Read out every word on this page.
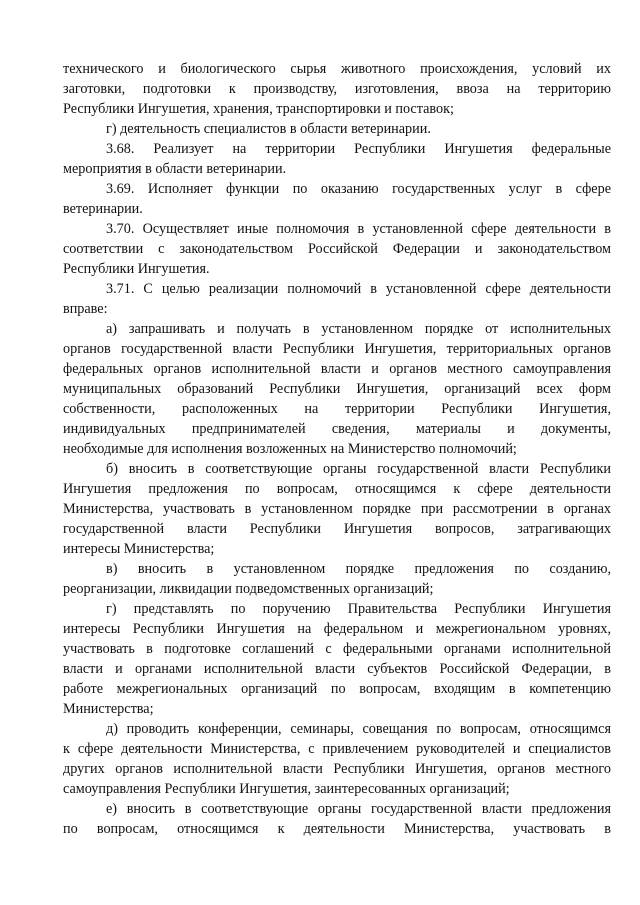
технического и биологического сырья животного происхождения, условий их
заготовки, подготовки к производству, изготовления, ввоза на территорию
Республики Ингушетия, хранения, транспортировки и поставок;
г) деятельность специалистов в области ветеринарии.
3.68. Реализует на территории Республики Ингушетия федеральные
мероприятия в области ветеринарии.
3.69. Исполняет функции по оказанию государственных услуг в сфере
ветеринарии.
3.70. Осуществляет иные полномочия в установленной сфере деятельности в
соответствии с законодательством Российской Федерации и законодательством
Республики Ингушетия.
3.71. С целью реализации полномочий в установленной сфере деятельности
вправе:
а) запрашивать и получать в установленном порядке от исполнительных
органов государственной власти Республики Ингушетия, территориальных органов
федеральных органов исполнительной власти и органов местного самоуправления
муниципальных образований Республики Ингушетия, организаций всех форм
собственности, расположенных на территории Республики Ингушетия,
индивидуальных предпринимателей сведения, материалы и документы,
необходимые для исполнения возложенных на Министерство полномочий;
б) вносить в соответствующие органы государственной власти Республики
Ингушетия предложения по вопросам, относящимся к сфере деятельности
Министерства, участвовать в установленном порядке при рассмотрении в органах
государственной власти Республики Ингушетия вопросов, затрагивающих
интересы Министерства;
в) вносить в установленном порядке предложения по созданию,
реорганизации, ликвидации подведомственных организаций;
г) представлять по поручению Правительства Республики Ингушетия
интересы Республики Ингушетия на федеральном и межрегиональном уровнях,
участвовать в подготовке соглашений с федеральными органами исполнительной
власти и органами исполнительной власти субъектов Российской Федерации, в
работе межрегиональных организаций по вопросам, входящим в компетенцию
Министерства;
д) проводить конференции, семинары, совещания по вопросам, относящимся
к сфере деятельности Министерства, с привлечением руководителей и специалистов
других органов исполнительной власти Республики Ингушетия, органов местного
самоуправления Республики Ингушетия, заинтересованных организаций;
е) вносить в соответствующие органы государственной власти предложения
по вопросам, относящимся к деятельности Министерства, участвовать в
